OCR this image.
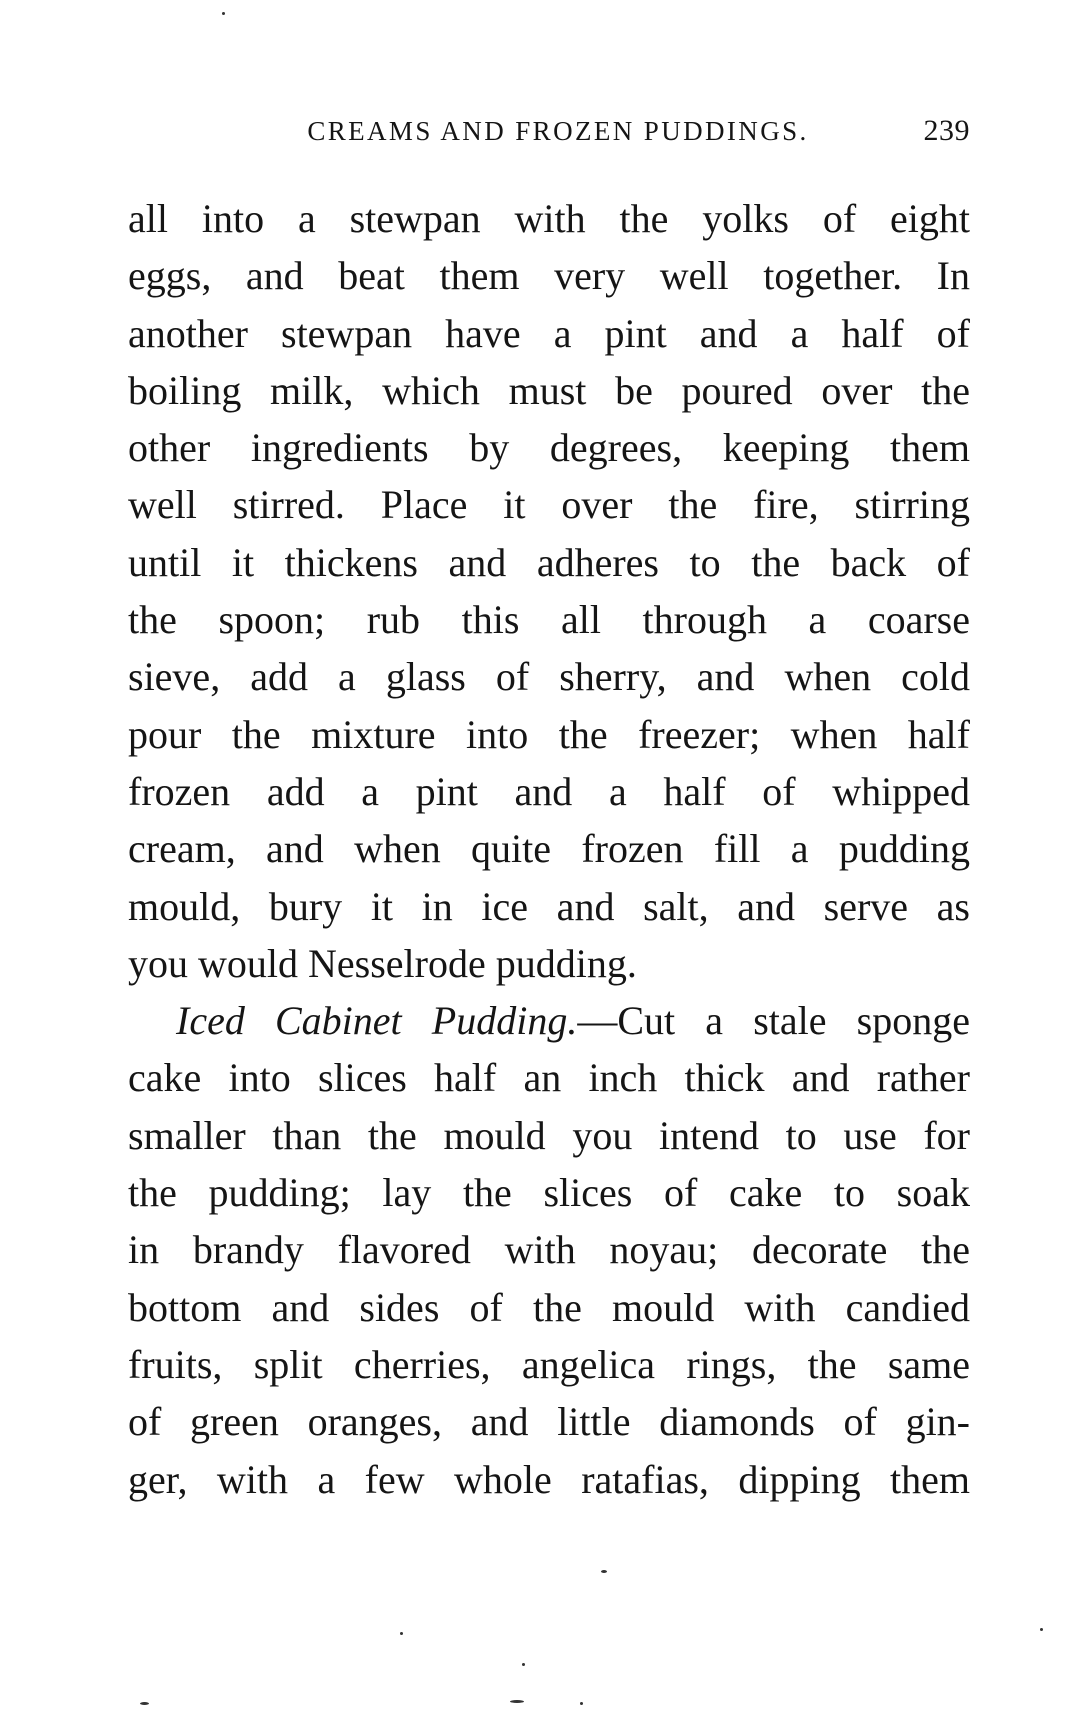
CREAMS AND FROZEN PUDDINGS.	239
all into a stewpan with the yolks of eight
eggs, and beat them very well together. In
another stewpan have a pint and a half of
boiling milk, which must be poured over the
other ingredients by degrees, keeping them
well stirred. Place it over the fire, stirring
until it thickens and adheres to the back of
the spoon; rub this all through a coarse
sieve, add a glass of sherry, and when cold
pour the mixture into the freezer; when half
frozen add a pint and a half of whipped
cream, and when quite frozen fill a pudding
mould, bury it in ice and salt, and serve as
you would Nesselrode pudding.
Iced Cabinet Pudding.—Cut a stale sponge
cake into slices half an inch thick and rather
smaller than the mould you intend to use for
the pudding; lay the slices of cake to soak
in brandy flavored with noyau; decorate the
bottom and sides of the mould with candied
fruits, split cherries, angelica rings, the same
of green oranges, and little diamonds of gin-
ger, with a few whole ratafias, dipping them
